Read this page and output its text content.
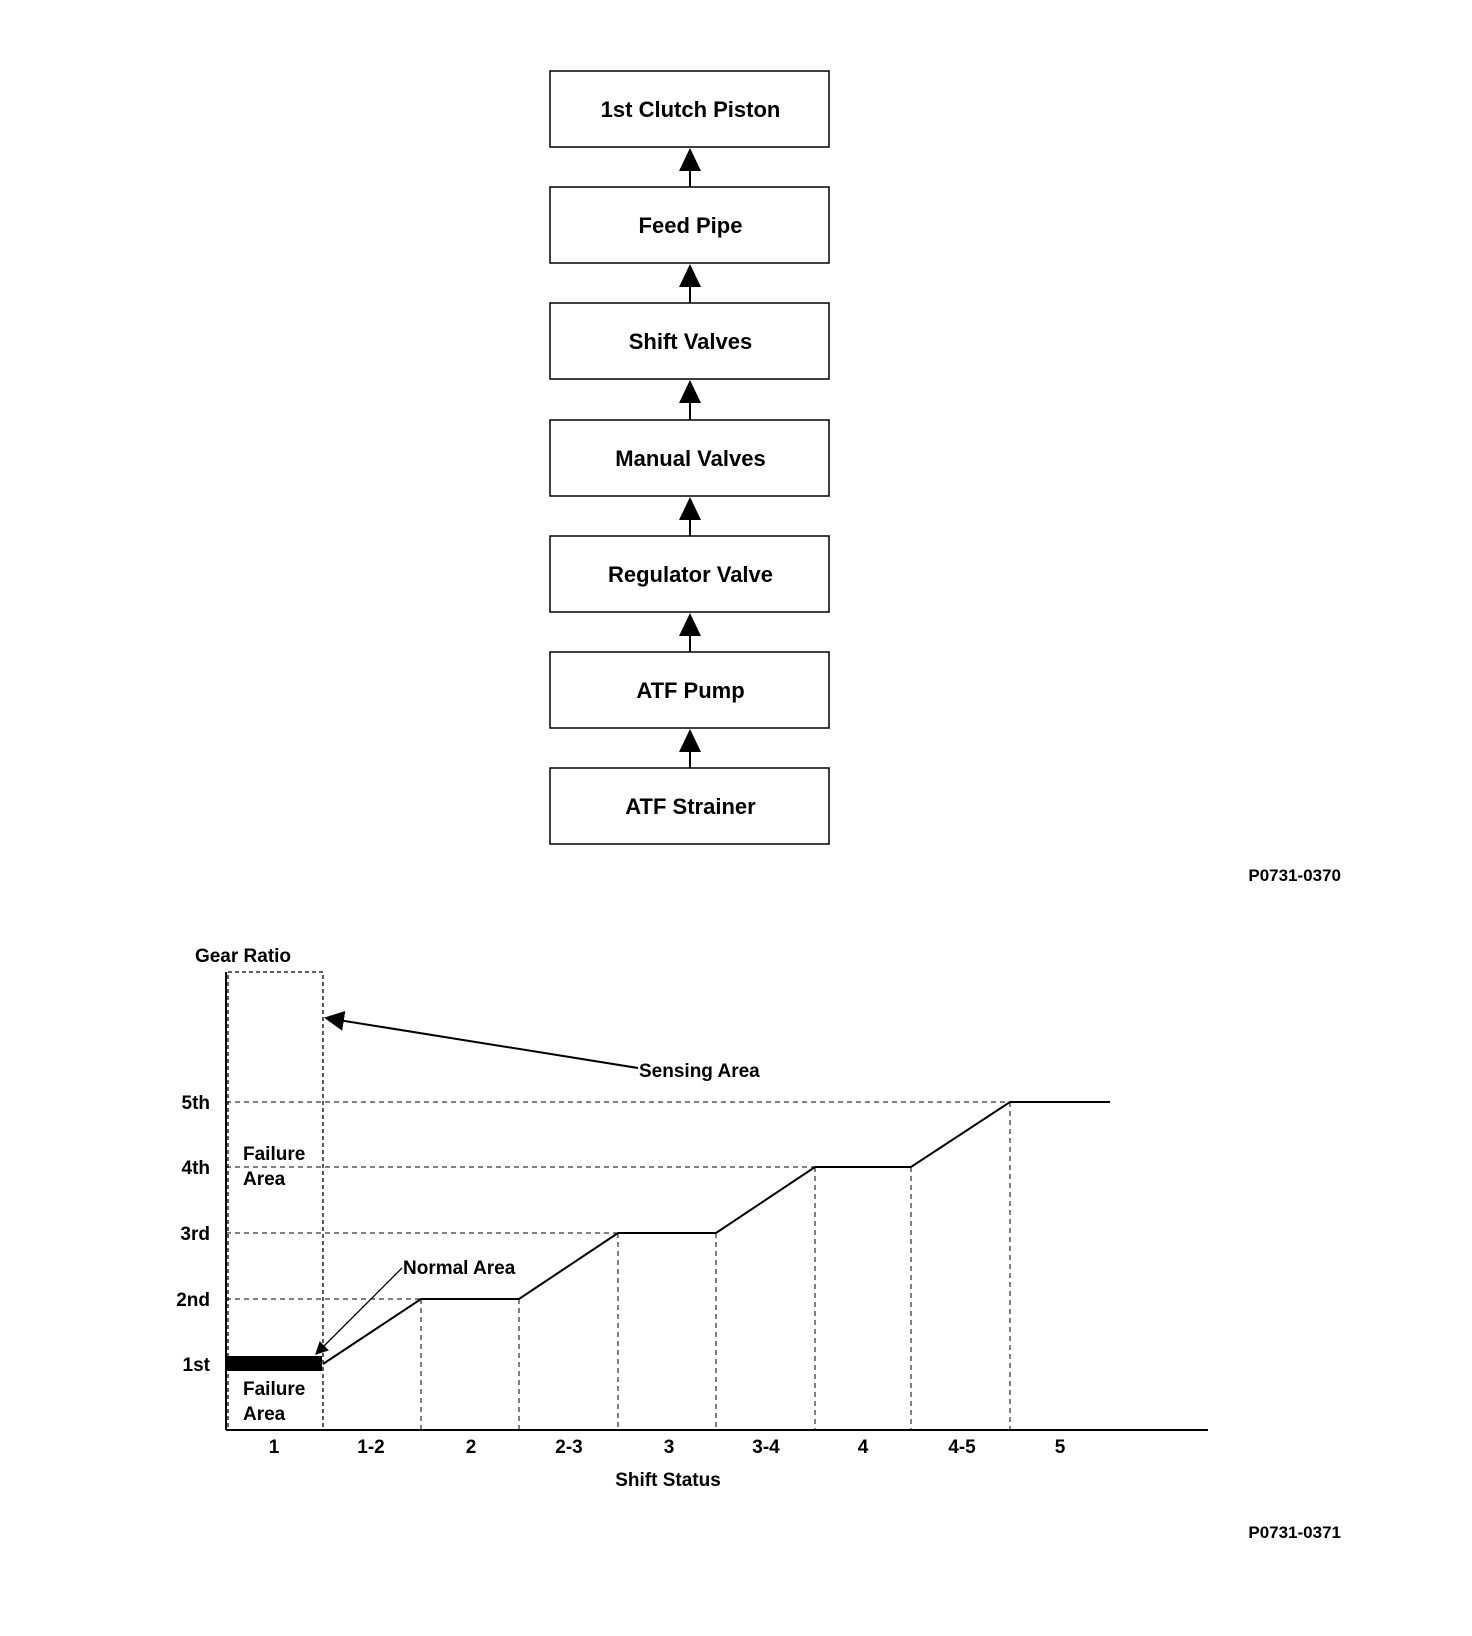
1st Clutch Piston
Feed Pipe
Shift Valves
Manual Valves
Regulator Valve
ATF Pump
ATF Strainer
P0731-0370
Gear Ratio
1st
2nd
3rd
4th
5th
1	1-2	2	2-3	3	3-4	4	4-5	5
Sensing Area
Normal Area
Failure
Area
Failure
Area
Shift Status
P0731-0371
